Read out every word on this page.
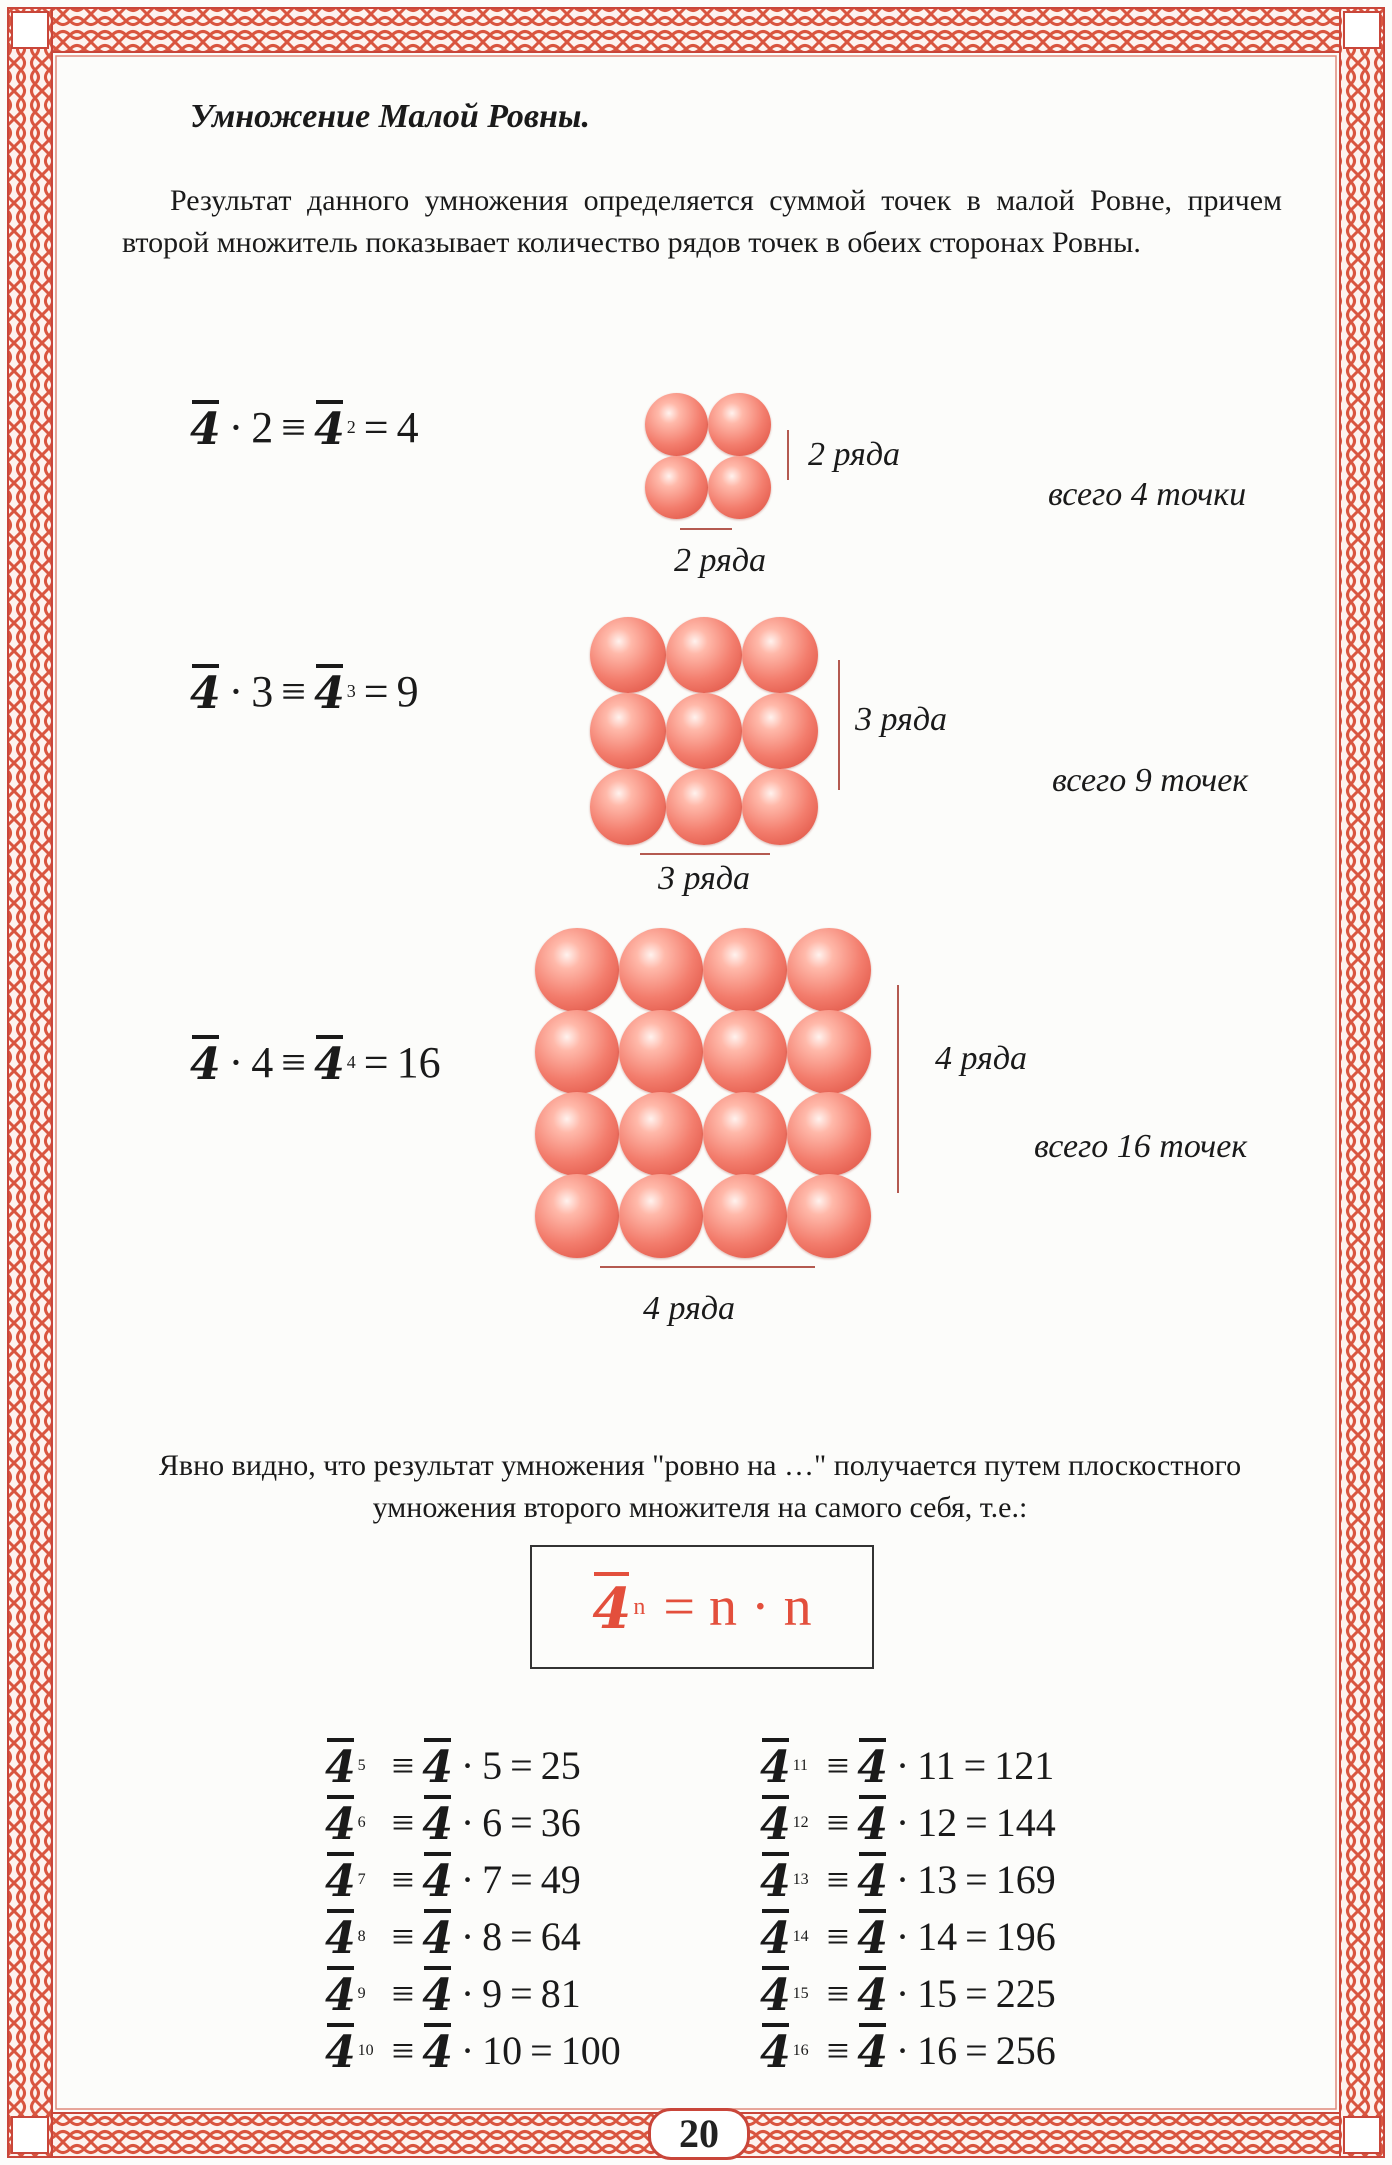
Умножение Малой Ровны.
Результат данного умножения определяется суммой точек в малой Ровне, причем второй множитель показывает количество рядов точек в обеих сторонах Ровны.
4 · 2 ≡ 4 2 = 4
2 ряда
2 ряда
всего 4 точки
4 · 3 ≡ 4 3 = 9
3 ряда
3 ряда
всего 9 точек
4 · 4 ≡ 4 4 = 16	4 ряда
4 ряда
всего 16 точек
Явно видно, что результат умножения "ровно на …" получается путем плоскостного умножения второго множителя на самого себя, т.е.:
4 n = n · n
4 5 ≡ 4 · 5 = 25
4 6 ≡ 4 · 6 = 36
4 7 ≡ 4 · 7 = 49
4 8 ≡ 4 · 8 = 64
4 9 ≡ 4 · 9 = 81
4 10 ≡ 4 · 10 = 100
4 11 ≡ 4 · 11 = 121
4 12 ≡ 4 · 12 = 144
4 13 ≡ 4 · 13 = 169
4 14 ≡ 4 · 14 = 196
4 15 ≡ 4 · 15 = 225
4 16 ≡ 4 · 16 = 256
20
